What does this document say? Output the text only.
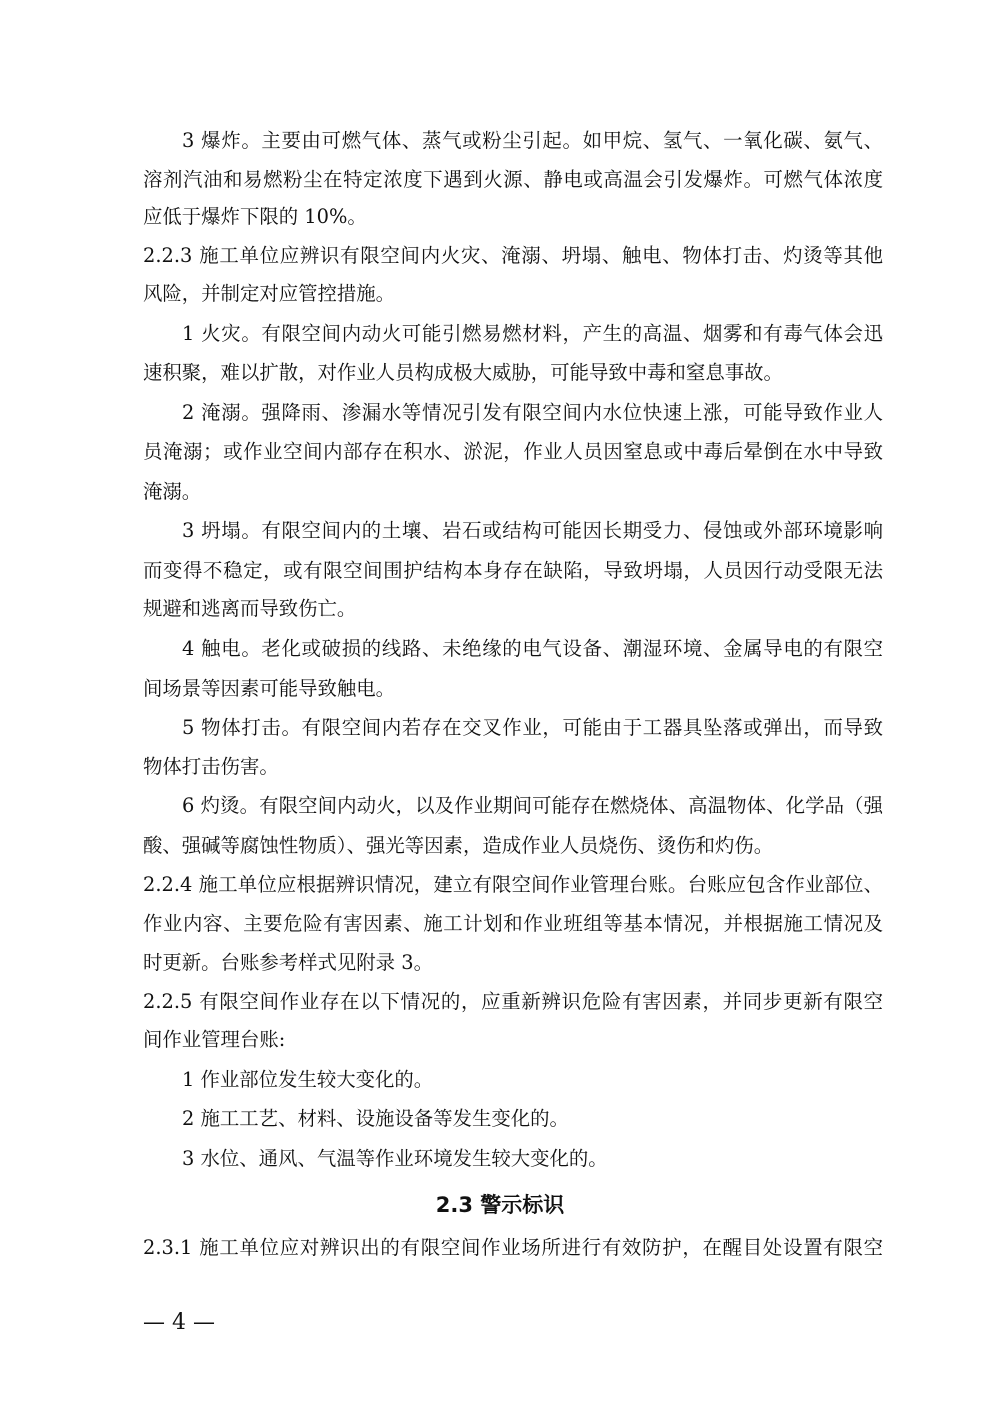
3 爆炸。主要由可燃气体、蒸气或粉尘引起。如甲烷、氢气、一氧化碳、氨气、
溶剂汽油和易燃粉尘在特定浓度下遇到火源、静电或高温会引发爆炸。可燃气体浓度
应低于爆炸下限的 10%。
2.2.3 施工单位应辨识有限空间内火灾、淹溺、坍塌、触电、物体打击、灼烫等其他
风险，并制定对应管控措施。
1 火灾。有限空间内动火可能引燃易燃材料，产生的高温、烟雾和有毒气体会迅
速积聚，难以扩散，对作业人员构成极大威胁，可能导致中毒和窒息事故。
2 淹溺。强降雨、渗漏水等情况引发有限空间内水位快速上涨，可能导致作业人
员淹溺；或作业空间内部存在积水、淤泥，作业人员因窒息或中毒后晕倒在水中导致
淹溺。
3 坍塌。有限空间内的土壤、岩石或结构可能因长期受力、侵蚀或外部环境影响
而变得不稳定，或有限空间围护结构本身存在缺陷，导致坍塌，人员因行动受限无法
规避和逃离而导致伤亡。
4 触电。老化或破损的线路、未绝缘的电气设备、潮湿环境、金属导电的有限空
间场景等因素可能导致触电。
5 物体打击。有限空间内若存在交叉作业，可能由于工器具坠落或弹出，而导致
物体打击伤害。
6 灼烫。有限空间内动火，以及作业期间可能存在燃烧体、高温物体、化学品（强
酸、强碱等腐蚀性物质）、强光等因素，造成作业人员烧伤、烫伤和灼伤。
2.2.4 施工单位应根据辨识情况，建立有限空间作业管理台账。台账应包含作业部位、
作业内容、主要危险有害因素、施工计划和作业班组等基本情况，并根据施工情况及
时更新。台账参考样式见附录 3。
2.2.5 有限空间作业存在以下情况的，应重新辨识危险有害因素，并同步更新有限空
间作业管理台账:
1 作业部位发生较大变化的。
2 施工工艺、材料、设施设备等发生变化的。
3 水位、通风、气温等作业环境发生较大变化的。
2.3 警示标识
2.3.1 施工单位应对辨识出的有限空间作业场所进行有效防护，在醒目处设置有限空
— 4 —
